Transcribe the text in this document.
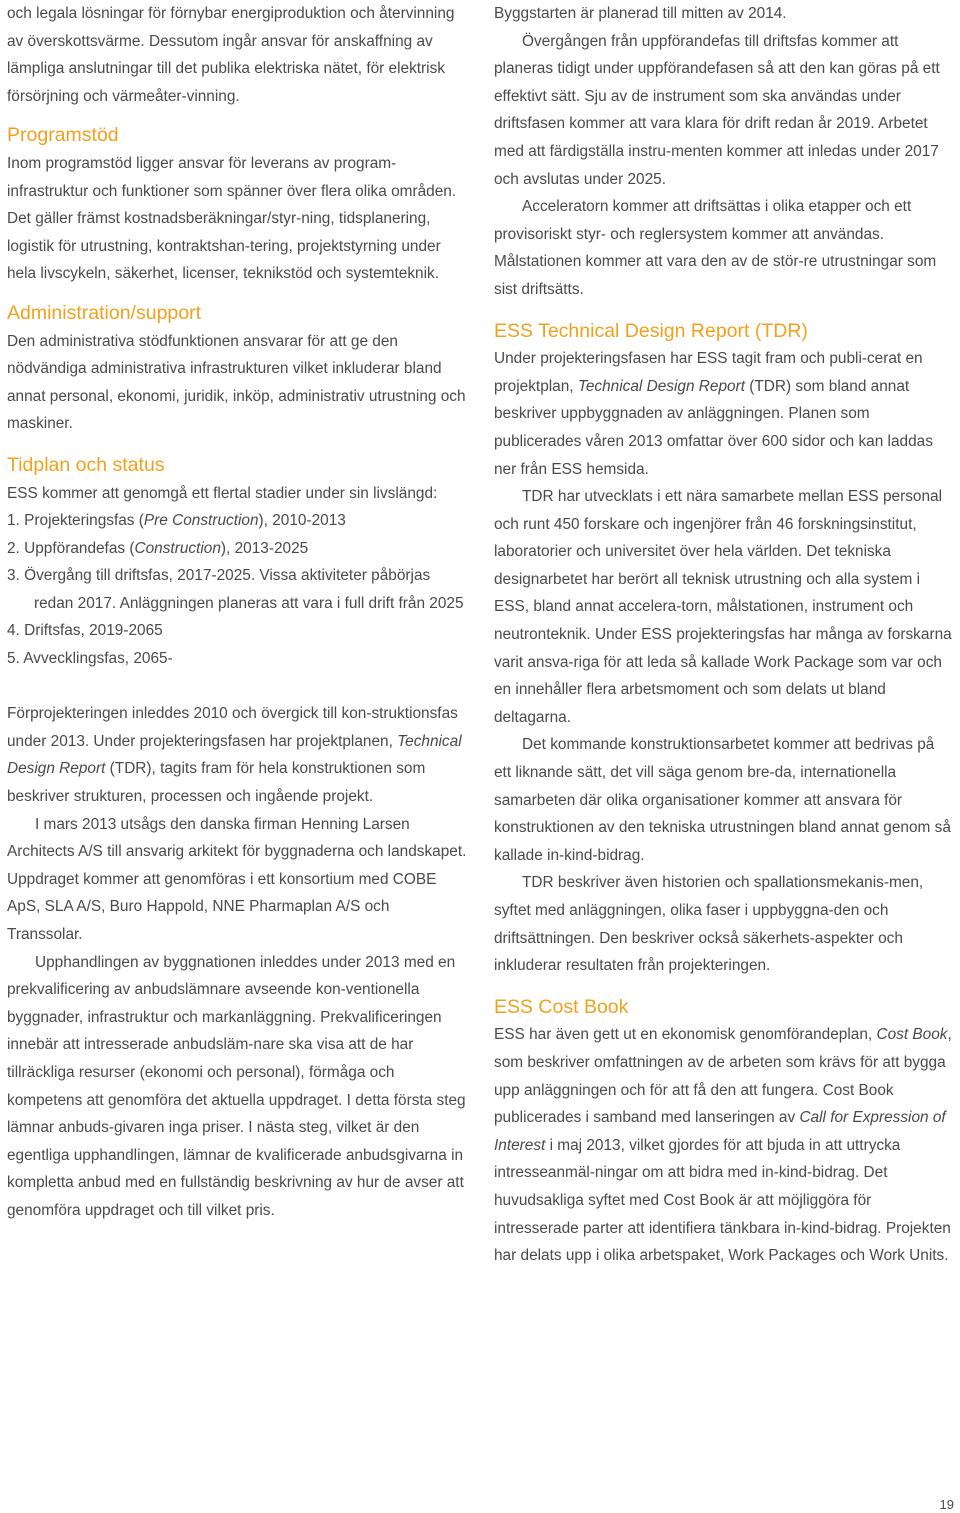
och legala lösningar för förnybar energiproduktion och återvinning av överskottsvärme. Dessutom ingår ansvar för anskaffning av lämpliga anslutningar till det publika elektriska nätet, för elektrisk försörjning och värmeåter-vinning.

Programstöd

Inom programstöd ligger ansvar för leverans av program-infrastruktur och funktioner som spänner över flera olika områden. Det gäller främst kostnadsberäkningar/styr-ning, tidsplanering, logistik för utrustning, kontraktshan-tering, projektstyrning under hela livscykeln, säkerhet, licenser, teknikstöd och systemteknik.

Administration/support

Den administrativa stödfunktionen ansvarar för att ge den nödvändiga administrativa infrastrukturen vilket inkluderar bland annat personal, ekonomi, juridik, inköp, administrativ utrustning och maskiner.

Tidplan och status

ESS kommer att genomgå ett flertal stadier under sin livslängd:

1. Projekteringsfas (Pre Construction), 2010-2013
2. Uppförandefas (Construction), 2013-2025
3. Övergång till driftsfas, 2017-2025. Vissa aktiviteter påbörjas redan 2017. Anläggningen planeras att vara i full drift från 2025
4. Driftsfas, 2019-2065
5. Avvecklingsfas, 2065-

Förprojekteringen inleddes 2010 och övergick till kon-struktionsfas under 2013. Under projekteringsfasen har projektplanen, Technical Design Report (TDR), tagits fram för hela konstruktionen som beskriver strukturen, processen och ingående projekt.

I mars 2013 utsågs den danska firman Henning Larsen Architects A/S till ansvarig arkitekt för byggnaderna och landskapet. Uppdraget kommer att genomföras i ett konsortium med COBE ApS, SLA A/S, Buro Happold, NNE Pharmaplan A/S och Transsolar.

Upphandlingen av byggnationen inleddes under 2013 med en prekvalificering av anbudslämnare avseende kon-ventionella byggnader, infrastruktur och markanläggning. Prekvalificeringen innebär att intresserade anbudsläm-nare ska visa att de har tillräckliga resurser (ekonomi och personal), förmåga och kompetens att genomföra det aktuella uppdraget. I detta första steg lämnar anbuds-givaren inga priser. I nästa steg, vilket är den egentliga upphandlingen, lämnar de kvalificerade anbudsgivarna in kompletta anbud med en fullständig beskrivning av hur de avser att genomföra uppdraget och till vilket pris.

Byggstarten är planerad till mitten av 2014.

Övergången från uppförandefas till driftsfas kommer att planeras tidigt under uppförandefasen så att den kan göras på ett effektivt sätt. Sju av de instrument som ska användas under driftsfasen kommer att vara klara för drift redan år 2019. Arbetet med att färdigställa instru-menten kommer att inledas under 2017 och avslutas under 2025.

Acceleratorn kommer att driftsättas i olika etapper och ett provisoriskt styr- och reglersystem kommer att användas. Målstationen kommer att vara den av de stör-re utrustningar som sist driftsätts.

ESS Technical Design Report (TDR)

Under projekteringsfasen har ESS tagit fram och publi-cerat en projektplan, Technical Design Report (TDR) som bland annat beskriver uppbyggnaden av anläggningen. Planen som publicerades våren 2013 omfattar över 600 sidor och kan laddas ner från ESS hemsida.

TDR har utvecklats i ett nära samarbete mellan ESS personal och runt 450 forskare och ingenjörer från 46 forskningsinstitut, laboratorier och universitet över hela världen. Det tekniska designarbetet har berört all teknisk utrustning och alla system i ESS, bland annat accelera-torn, målstationen, instrument och neutronteknik. Under ESS projekteringsfas har många av forskarna varit ansva-riga för att leda så kallade Work Package som var och en innehåller flera arbetsmoment och som delats ut bland deltagarna.

Det kommande konstruktionsarbetet kommer att bedrivas på ett liknande sätt, det vill säga genom bre-da, internationella samarbeten där olika organisationer kommer att ansvara för konstruktionen av den tekniska utrustningen bland annat genom så kallade in-kind-bidrag.

TDR beskriver även historien och spallationsmekanis-men, syftet med anläggningen, olika faser i uppbyggna-den och driftsättningen. Den beskriver också säkerhets-aspekter och inkluderar resultaten från projekteringen.

ESS Cost Book

ESS har även gett ut en ekonomisk genomförandeplan, Cost Book, som beskriver omfattningen av de arbeten som krävs för att bygga upp anläggningen och för att få den att fungera. Cost Book publicerades i samband med lanseringen av Call for Expression of Interest i maj 2013, vilket gjordes för att bjuda in att uttrycka intresseanmäl-ningar om att bidra med in-kind-bidrag. Det huvudsakliga syftet med Cost Book är att möjliggöra för intresserade parter att identifiera tänkbara in-kind-bidrag. Projekten har delats upp i olika arbetspaket, Work Packages och Work Units.

19
